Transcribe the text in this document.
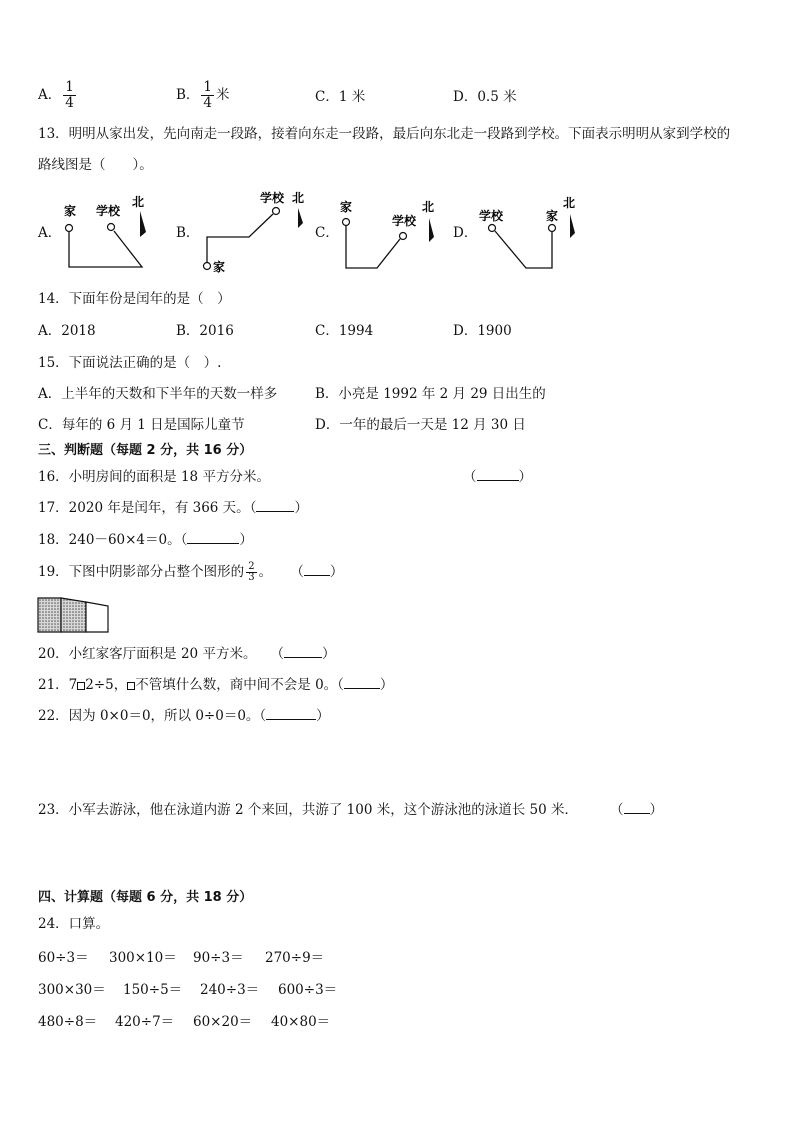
A． $\frac{1}{4}$	B． $\frac{1}{4}$ 米	C．1 米	D．0.5 米
13．明明从家出发，先向南走一段路，接着向东走一段路，最后向东北走一段路到学校。下面表示明明从家到学校的
路线图是（　　）。
A．	B．	C．	D．
家 学校
北	学校 北
家
家
学校
北
学校	家
北
14．下面年份是闰年的是（　）
A．2018	B．2016	C．1994	D．1900
15．下面说法正确的是（　）.
A．上半年的天数和下半年的天数一样多	B．小亮是 1992 年 2 月 29 日出生的
C．每年的 6 月 1 日是国际儿童节	D．一年的最后一天是 12 月 30 日
三、判断题（每题 2 分，共 16 分）
16．小明房间的面积是 18 平方分米。	（	）
17．2020 年是闰年，有 366 天。（	）
18．240－60×4＝0。（	）
19．下图中阴影部分占整个图形的 $\frac{2}{3}$ 。 （ ）
20．小红家客厅面积是 20 平方米。 （	）
21．7 2÷5， 不管填什么数，商中间不会是 0。（	）
22．因为 0×0＝0，所以 0÷0＝0。（	）
23．小军去游泳，他在泳道内游 2 个来回，共游了 100 米，这个游泳池的泳道长 50 米． （ ）
四、计算题（每题 6 分，共 18 分）
24．口算。
60÷3＝ 300×10＝ 90÷3＝ 270÷9＝
300×30＝ 150÷5＝ 240÷3＝ 600÷3＝
480÷8＝ 420÷7＝ 60×20＝ 40×80＝
